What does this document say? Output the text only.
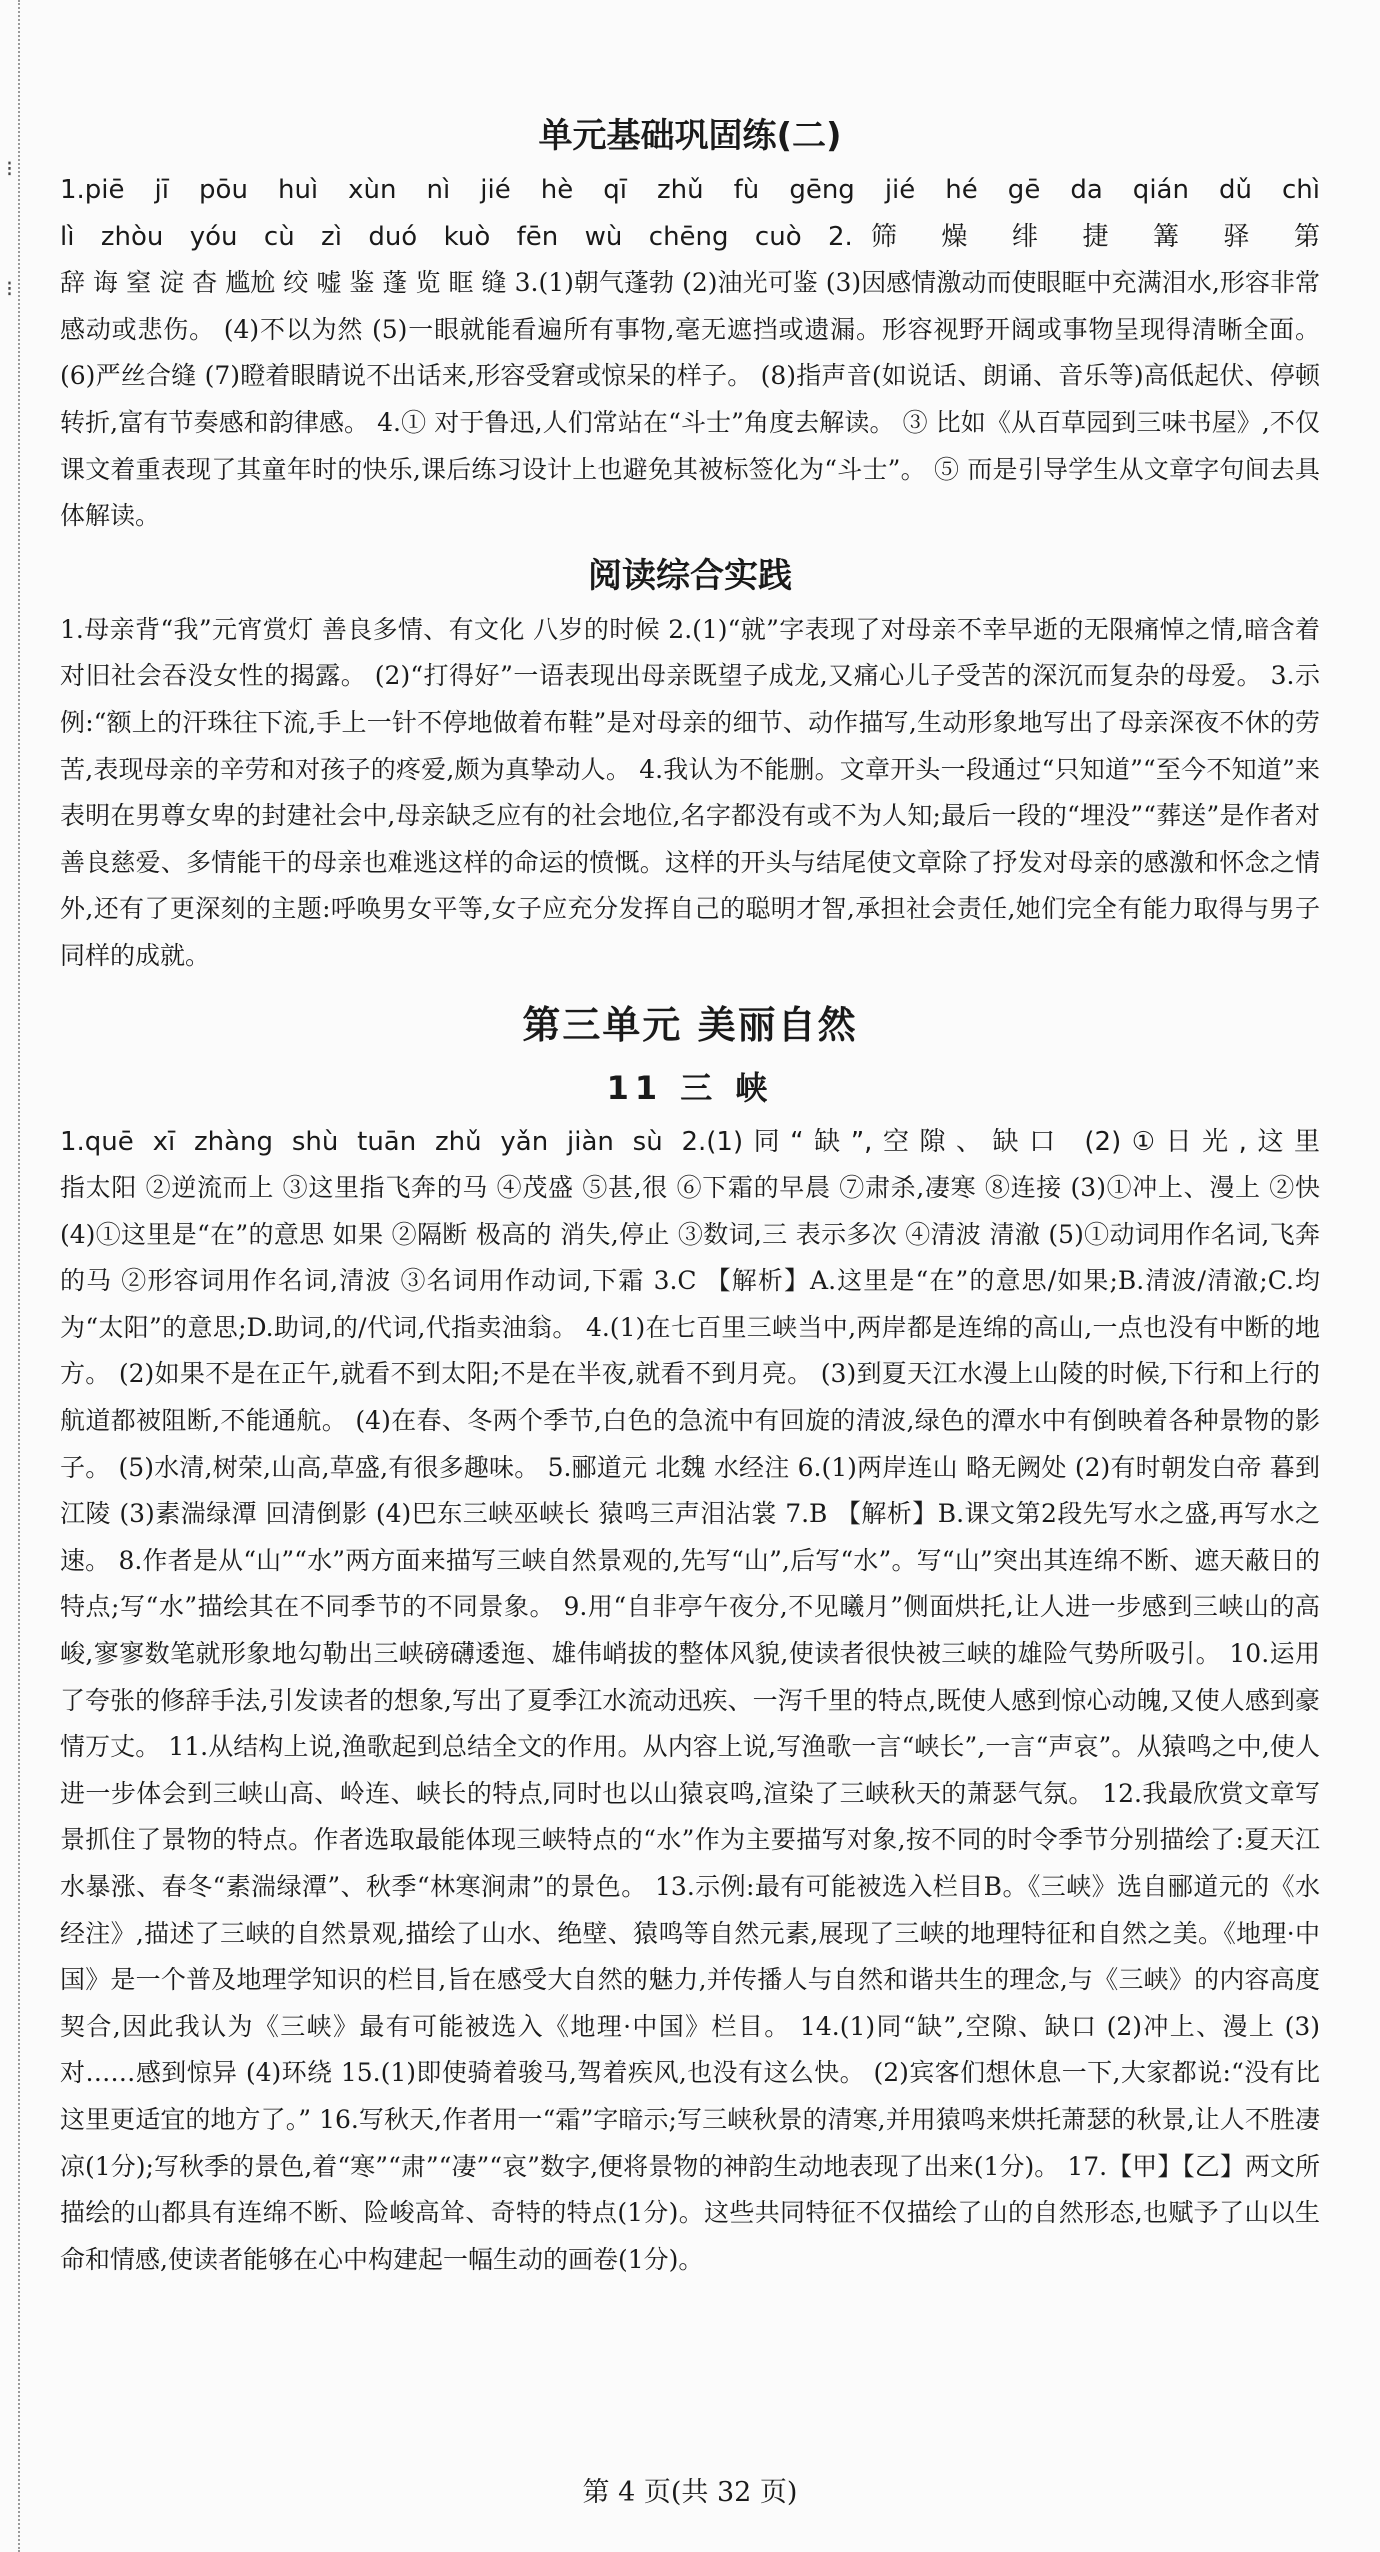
⁝
⁝
单元基础巩固练(二)

1.piē jī pōu huì xùn nì jié hè qī zhǔ fù gēng jié hé gē da qián dǔ chì

lì zhòu yóu cù zì duó kuò fēn wù chēng cuò 2.筛 燥 绯 捷 篝 驿 第

辞 诲 窒 淀 杳 尴尬 绞 嘘 鉴 蓬 览 眶 缝 3.(1)朝气蓬勃 (2)油光可鉴 (3)因感情激动而使眼眶中充满泪水,形容非常感动或悲伤。 (4)不以为然 (5)一眼就能看遍所有事物,毫无遮挡或遗漏。形容视野开阔或事物呈现得清晰全面。 (6)严丝合缝 (7)瞪着眼睛说不出话来,形容受窘或惊呆的样子。 (8)指声音(如说话、朗诵、音乐等)高低起伏、停顿转折,富有节奏感和韵律感。 4.① 对于鲁迅,人们常站在“斗士”角度去解读。 ③ 比如《从百草园到三味书屋》,不仅课文着重表现了其童年时的快乐,课后练习设计上也避免其被标签化为“斗士”。 ⑤ 而是引导学生从文章字句间去具体解读。

阅读综合实践

1.母亲背“我”元宵赏灯 善良多情、有文化 八岁的时候 2.(1)“就”字表现了对母亲不幸早逝的无限痛悼之情,暗含着对旧社会吞没女性的揭露。 (2)“打得好”一语表现出母亲既望子成龙,又痛心儿子受苦的深沉而复杂的母爱。 3.示例:“额上的汗珠往下流,手上一针不停地做着布鞋”是对母亲的细节、动作描写,生动形象地写出了母亲深夜不休的劳苦,表现母亲的辛劳和对孩子的疼爱,颇为真挚动人。 4.我认为不能删。文章开头一段通过“只知道”“至今不知道”来表明在男尊女卑的封建社会中,母亲缺乏应有的社会地位,名字都没有或不为人知;最后一段的“埋没”“葬送”是作者对善良慈爱、多情能干的母亲也难逃这样的命运的愤慨。这样的开头与结尾使文章除了抒发对母亲的感激和怀念之情外,还有了更深刻的主题:呼唤男女平等,女子应充分发挥自己的聪明才智,承担社会责任,她们完全有能力取得与男子同样的成就。

第三单元 美丽自然
11 三 峡

1.quē xī zhàng shù tuān zhǔ yǎn jiàn sù 2.(1)同“缺”,空隙、缺口 (2)①日光,这里

指太阳 ②逆流而上 ③这里指飞奔的马 ④茂盛 ⑤甚,很 ⑥下霜的早晨 ⑦肃杀,凄寒 ⑧连接 (3)①冲上、漫上 ②快 (4)①这里是“在”的意思 如果 ②隔断 极高的 消失,停止 ③数词,三 表示多次 ④清波 清澈 (5)①动词用作名词,飞奔的马 ②形容词用作名词,清波 ③名词用作动词,下霜 3.C 【解析】A.这里是“在”的意思/如果;B.清波/清澈;C.均为“太阳”的意思;D.助词,的/代词,代指卖油翁。 4.(1)在七百里三峡当中,两岸都是连绵的高山,一点也没有中断的地方。 (2)如果不是在正午,就看不到太阳;不是在半夜,就看不到月亮。 (3)到夏天江水漫上山陵的时候,下行和上行的航道都被阻断,不能通航。 (4)在春、冬两个季节,白色的急流中有回旋的清波,绿色的潭水中有倒映着各种景物的影子。 (5)水清,树荣,山高,草盛,有很多趣味。 5.郦道元 北魏 水经注 6.(1)两岸连山 略无阙处 (2)有时朝发白帝 暮到江陵 (3)素湍绿潭 回清倒影 (4)巴东三峡巫峡长 猿鸣三声泪沾裳 7.B 【解析】B.课文第2段先写水之盛,再写水之速。 8.作者是从“山”“水”两方面来描写三峡自然景观的,先写“山”,后写“水”。写“山”突出其连绵不断、遮天蔽日的特点;写“水”描绘其在不同季节的不同景象。 9.用“自非亭午夜分,不见曦月”侧面烘托,让人进一步感到三峡山的高峻,寥寥数笔就形象地勾勒出三峡磅礴逶迤、雄伟峭拔的整体风貌,使读者很快被三峡的雄险气势所吸引。 10.运用了夸张的修辞手法,引发读者的想象,写出了夏季江水流动迅疾、一泻千里的特点,既使人感到惊心动魄,又使人感到豪情万丈。 11.从结构上说,渔歌起到总结全文的作用。从内容上说,写渔歌一言“峡长”,一言“声哀”。从猿鸣之中,使人进一步体会到三峡山高、岭连、峡长的特点,同时也以山猿哀鸣,渲染了三峡秋天的萧瑟气氛。 12.我最欣赏文章写景抓住了景物的特点。作者选取最能体现三峡特点的“水”作为主要描写对象,按不同的时令季节分别描绘了:夏天江水暴涨、春冬“素湍绿潭”、秋季“林寒涧肃”的景色。 13.示例:最有可能被选入栏目B。《三峡》选自郦道元的《水经注》,描述了三峡的自然景观,描绘了山水、绝壁、猿鸣等自然元素,展现了三峡的地理特征和自然之美。《地理·中国》是一个普及地理学知识的栏目,旨在感受大自然的魅力,并传播人与自然和谐共生的理念,与《三峡》的内容高度契合,因此我认为《三峡》最有可能被选入《地理·中国》栏目。 14.(1)同“缺”,空隙、缺口 (2)冲上、漫上 (3)对……感到惊异 (4)环绕 15.(1)即使骑着骏马,驾着疾风,也没有这么快。 (2)宾客们想休息一下,大家都说:“没有比这里更适宜的地方了。” 16.写秋天,作者用一“霜”字暗示;写三峡秋景的清寒,并用猿鸣来烘托萧瑟的秋景,让人不胜凄凉(1分);写秋季的景色,着“寒”“肃”“凄”“哀”数字,便将景物的神韵生动地表现了出来(1分)。 17.【甲】【乙】两文所描绘的山都具有连绵不断、险峻高耸、奇特的特点(1分)。这些共同特征不仅描绘了山的自然形态,也赋予了山以生命和情感,使读者能够在心中构建起一幅生动的画卷(1分)。

第 4 页(共 32 页)
